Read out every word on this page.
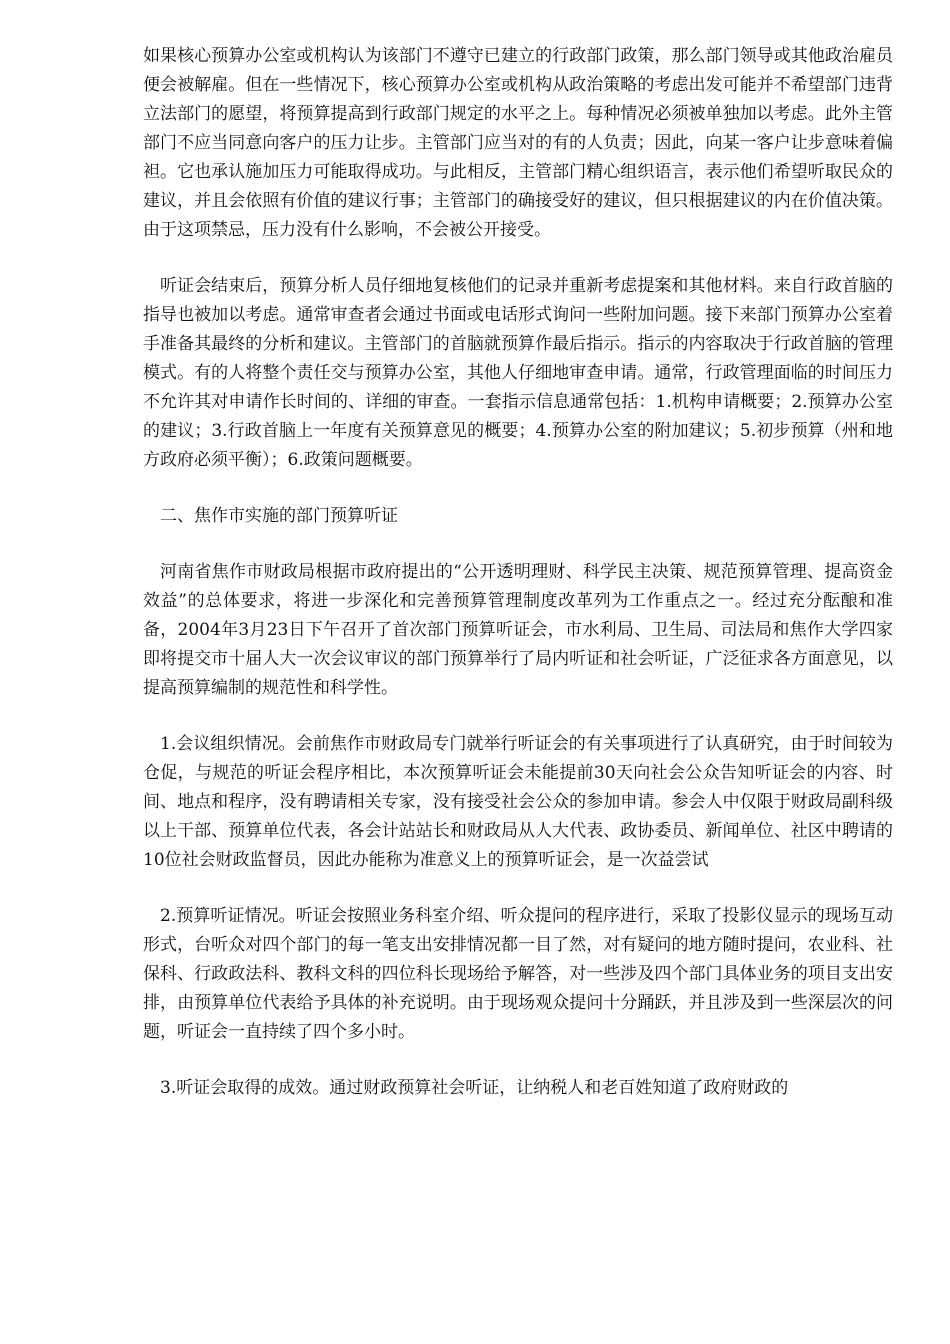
如果核心预算办公室或机构认为该部门不遵守已建立的行政部门政策，那么部门领导或其他政治雇员便会被解雇。但在一些情况下，核心预算办公室或机构从政治策略的考虑出发可能并不希望部门违背立法部门的愿望，将预算提高到行政部门规定的水平之上。每种情况必须被单独加以考虑。此外主管部门不应当同意向客户的压力让步。主管部门应当对的有的人负责；因此，向某一客户让步意味着偏袒。它也承认施加压力可能取得成功。与此相反，主管部门精心组织语言，表示他们希望听取民众的建议，并且会依照有价值的建议行事；主管部门的确接受好的建议，但只根据建议的内在价值决策。由于这项禁忌，压力没有什么影响，不会被公开接受。

听证会结束后，预算分析人员仔细地复核他们的记录并重新考虑提案和其他材料。来自行政首脑的指导也被加以考虑。通常审查者会通过书面或电话形式询问一些附加问题。接下来部门预算办公室着手准备其最终的分析和建议。主管部门的首脑就预算作最后指示。指示的内容取决于行政首脑的管理模式。有的人将整个责任交与预算办公室，其他人仔细地审查申请。通常，行政管理面临的时间压力不允许其对申请作长时间的、详细的审查。一套指示信息通常包括：1.机构申请概要；2.预算办公室的建议；3.行政首脑上一年度有关预算意见的概要；4.预算办公室的附加建议；5.初步预算（州和地方政府必须平衡）；6.政策问题概要。

二、焦作市实施的部门预算听证

河南省焦作市财政局根据市政府提出的“公开透明理财、科学民主决策、规范预算管理、提高资金效益”的总体要求，将进一步深化和完善预算管理制度改革列为工作重点之一。经过充分酝酿和准备，2004年3月23日下午召开了首次部门预算听证会，市水利局、卫生局、司法局和焦作大学四家即将提交市十届人大一次会议审议的部门预算举行了局内听证和社会听证，广泛征求各方面意见，以提高预算编制的规范性和科学性。

1.会议组织情况。会前焦作市财政局专门就举行听证会的有关事项进行了认真研究，由于时间较为仓促，与规范的听证会程序相比，本次预算听证会未能提前30天向社会公众告知听证会的内容、时间、地点和程序，没有聘请相关专家，没有接受社会公众的参加申请。参会人中仅限于财政局副科级以上干部、预算单位代表，各会计站站长和财政局从人大代表、政协委员、新闻单位、社区中聘请的10位社会财政监督员，因此办能称为准意义上的预算听证会，是一次益尝试

2.预算听证情况。听证会按照业务科室介绍、听众提问的程序进行，采取了投影仪显示的现场互动形式，台听众对四个部门的每一笔支出安排情况都一目了然，对有疑问的地方随时提问，农业科、社保科、行政政法科、教科文科的四位科长现场给予解答，对一些涉及四个部门具体业务的项目支出安排，由预算单位代表给予具体的补充说明。由于现场观众提问十分踊跃，并且涉及到一些深层次的问题，听证会一直持续了四个多小时。

3.听证会取得的成效。通过财政预算社会听证，让纳税人和老百姓知道了政府财政的
